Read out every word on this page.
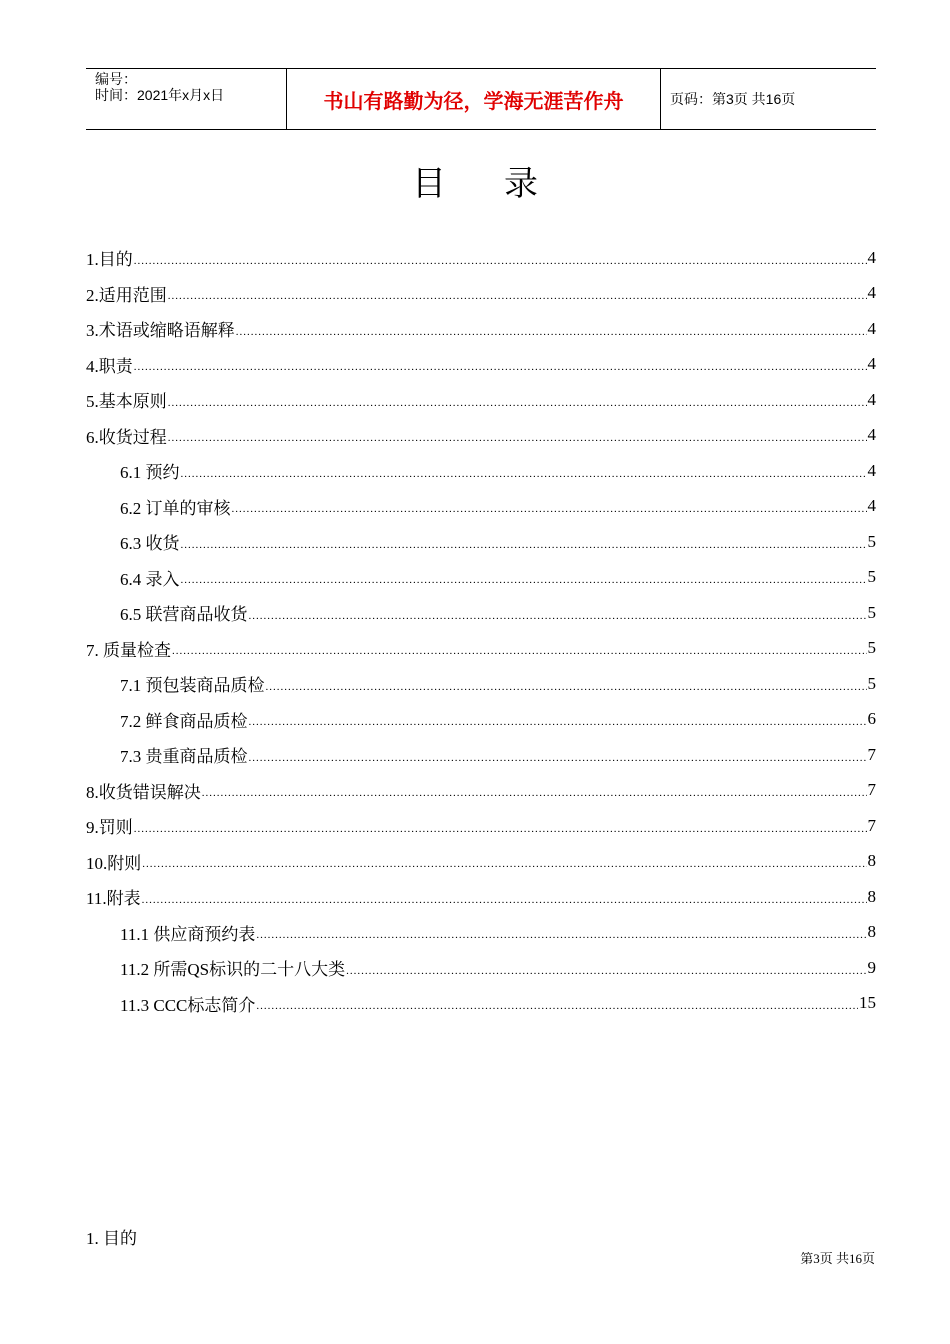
编号：
时间：2021年x月x日	书山有路勤为径，学海无涯苦作舟	页码：第3页 共16页
目录
1.目的 .....	4
2.适用范围 .....	4
3.术语或缩略语解释 .....	4
4.职责 .....	4
5.基本原则 .....	4
6.收货过程 .....	4
6.1 预约 .....	4
6.2 订单的审核 .....	4
6.3 收货 .....	5
6.4 录入 .....	5
6.5 联营商品收货 .....	5
7. 质量检查 .....	5
7.1 预包装商品质检 .....	5
7.2 鲜食商品质检 .....	6
7.3 贵重商品质检 .....	7
8.收货错误解决 .....	7
9.罚则 .....	7
10.附则 .....	8
11.附表 .....	8
11.1 供应商预约表 .....	8
11.2 所需QS标识的二十八大类 .....	9
11.3 CCC标志简介 .....	15
1. 目的
第3页 共16页
